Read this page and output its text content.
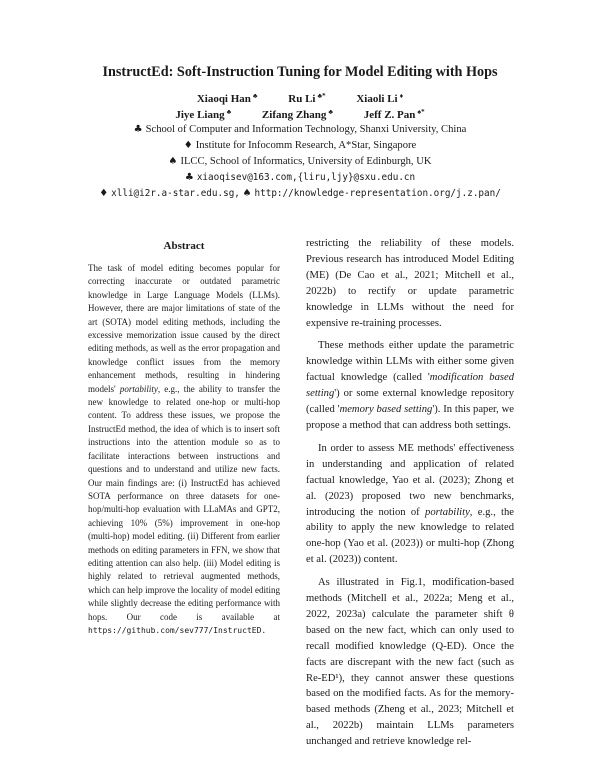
InstructEd: Soft-Instruction Tuning for Model Editing with Hops
Xiaoqi Han ♣	Ru Li ♣*	Xiaoli Li ♦
Jiye Liang ♣	Zifang Zhang ♣	Jeff Z. Pan ♠*
♣ School of Computer and Information Technology, Shanxi University, China
♦ Institute for Infocomm Research, A*Star, Singapore
♠ ILCC, School of Informatics, University of Edinburgh, UK
♣ xiaoqisev@163.com,{liru,ljy}@sxu.edu.cn
♦ xlli@i2r.a-star.edu.sg, ♠ http://knowledge-representation.org/j.z.pan/
Abstract
The task of model editing becomes popular for correcting inaccurate or outdated parametric knowledge in Large Language Models (LLMs). However, there are major limitations of state of the art (SOTA) model editing methods, including the excessive memorization issue caused by the direct editing methods, as well as the error propagation and knowledge conflict issues from the memory enhancement methods, resulting in hindering models' portability, e.g., the ability to transfer the new knowledge to related one-hop or multi-hop content. To address these issues, we propose the InstructEd method, the idea of which is to insert soft instructions into the attention module so as to facilitate interactions between instructions and questions and to understand and utilize new facts. Our main findings are: (i) InstructEd has achieved SOTA performance on three datasets for one-hop/multi-hop evaluation with LLaMAs and GPT2, achieving 10% (5%) improvement in one-hop (multi-hop) model editing. (ii) Different from earlier methods on editing parameters in FFN, we show that editing attention can also help. (iii) Model editing is highly related to retrieval augmented methods, which can help improve the locality of model editing while slightly decrease the editing performance with hops. Our code is available at https://github.com/sev777/InstructED.

restricting the reliability of these models. Previous research has introduced Model Editing (ME) (De Cao et al., 2021; Mitchell et al., 2022b) to rectify or update parametric knowledge in LLMs without the need for expensive re-training processes.

These methods either update the parametric knowledge within LLMs with either some given factual knowledge (called 'modification based setting') or some external knowledge repository (called 'memory based setting'). In this paper, we propose a method that can address both settings.

In order to assess ME methods' effectiveness in understanding and application of related factual knowledge, Yao et al. (2023); Zhong et al. (2023) proposed two new benchmarks, introducing the notion of portability, e.g., the ability to apply the new knowledge to related one-hop (Yao et al. (2023)) or multi-hop (Zhong et al. (2023)) content.

As illustrated in Fig.1, modification-based methods (Mitchell et al., 2022a; Meng et al., 2022, 2023a) calculate the parameter shift θ based on the new fact, which can only used to recall modified knowledge (Q-ED). Once the facts are discrepant with the new fact (such as Re-ED¹), they cannot answer these questions based on the modified facts. As for the memory-based methods (Zheng et al., 2023; Mitchell et al., 2022b) maintain LLMs parameters unchanged and retrieve knowledge rel-
